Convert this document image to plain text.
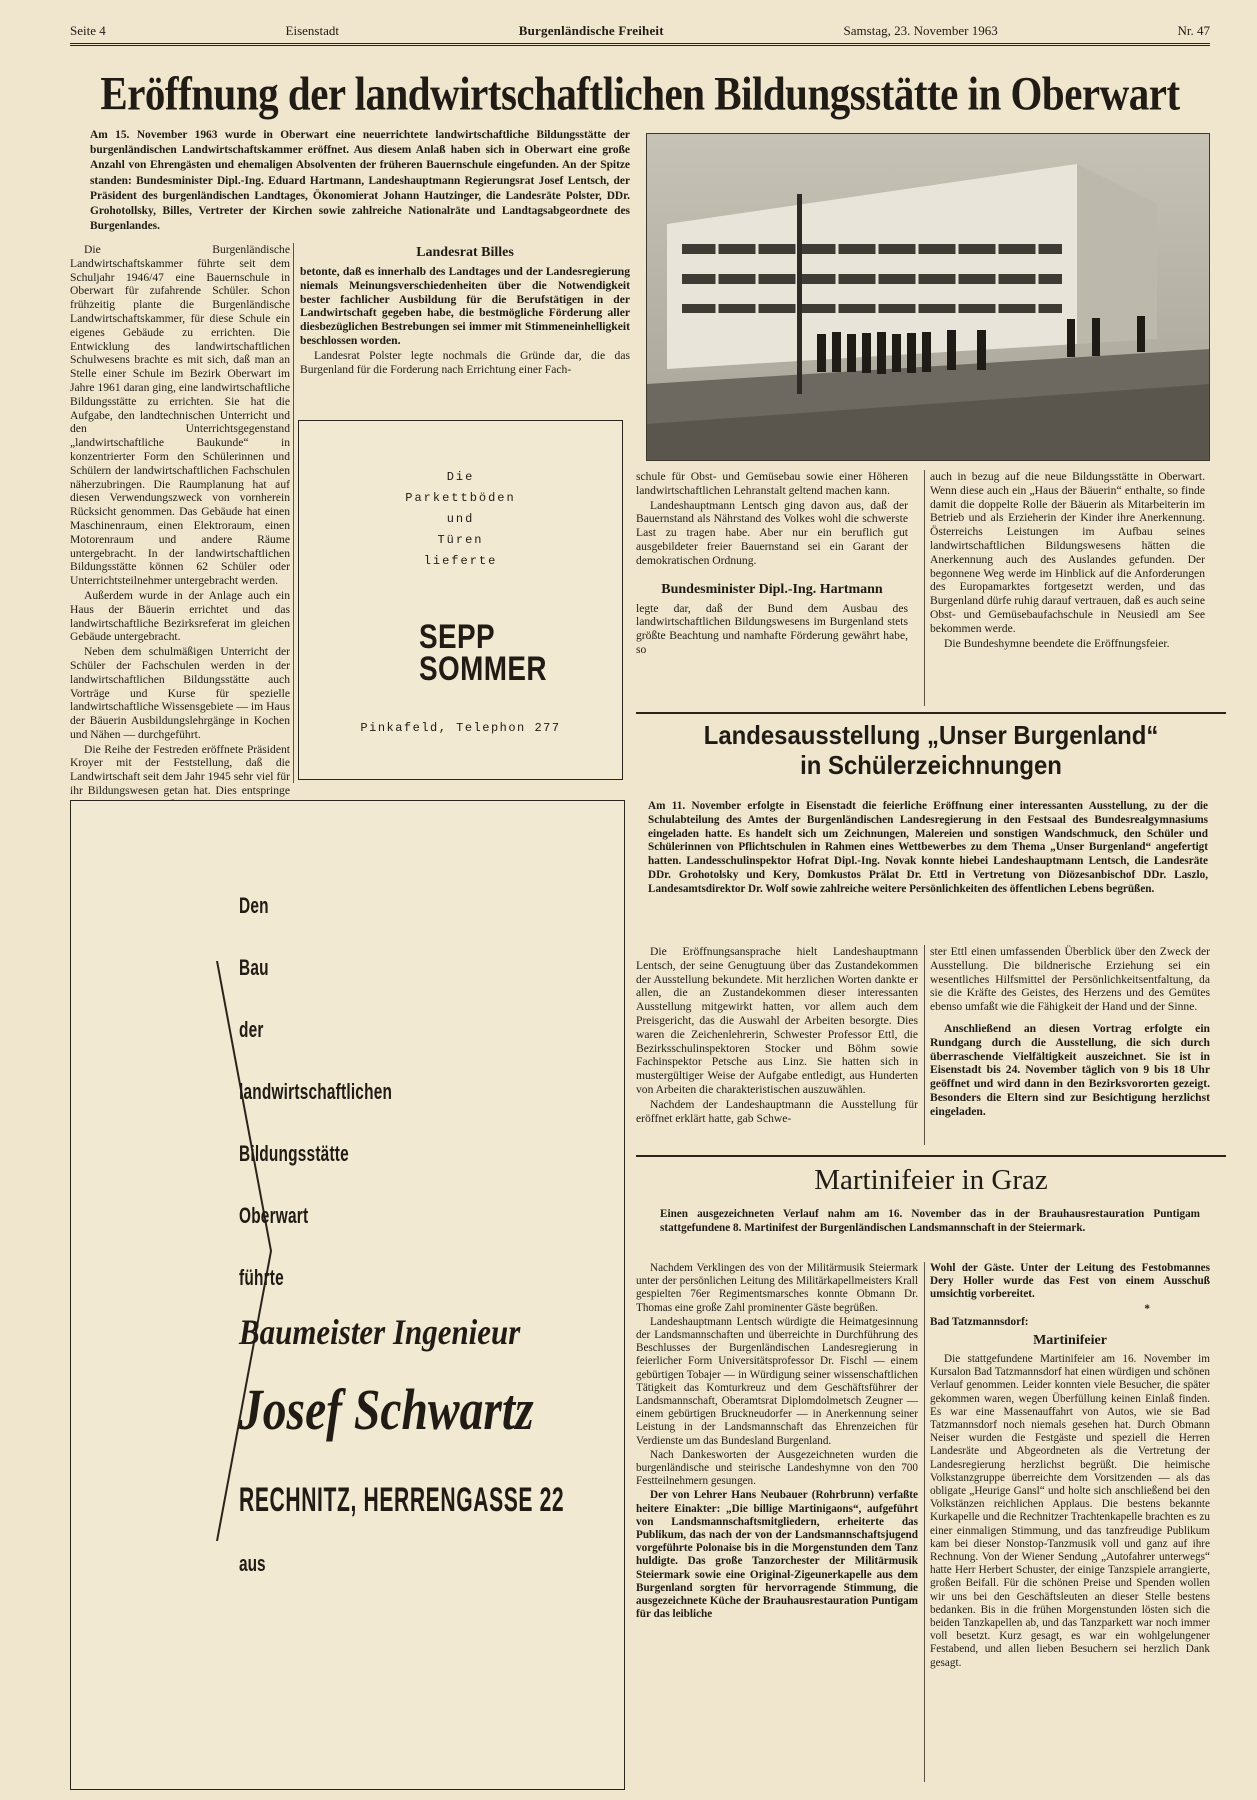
Seite 4	Eisenstadt	Burgenländische Freiheit	Samstag, 23. November 1963	Nr. 47
Eröffnung der landwirtschaftlichen Bildungsstätte in Oberwart

Am 15. November 1963 wurde in Oberwart eine neuerrichtete landwirtschaftliche Bildungsstätte der burgenländischen Landwirtschaftskammer eröffnet. Aus diesem Anlaß haben sich in Oberwart eine große Anzahl von Ehrengästen und ehemaligen Absolventen der früheren Bauernschule eingefunden. An der Spitze standen: Bundesminister Dipl.-Ing. Eduard Hartmann, Landeshauptmann Regierungsrat Josef Lentsch, der Präsident des burgenländischen Landtages, Ökonomierat Johann Hautzinger, die Landesräte Polster, DDr. Grohotollsky, Billes, Vertreter der Kirchen sowie zahlreiche Nationalräte und Landtagsabgeordnete des Burgenlandes.

Die Burgenländische Landwirtschaftskammer führte seit dem Schuljahr 1946/47 eine Bauernschule in Oberwart für zufahrende Schüler. Schon frühzeitig plante die Burgenländische Landwirtschaftskammer, für diese Schule ein eigenes Gebäude zu errichten. Die Entwicklung des landwirtschaftlichen Schulwesens brachte es mit sich, daß man an Stelle einer Schule im Bezirk Oberwart im Jahre 1961 daran ging, eine landwirtschaftliche Bildungsstätte zu errichten. Sie hat die Aufgabe, den landtechnischen Unterricht und den Unterrichtsgegenstand „landwirtschaftliche Baukunde“ in konzentrierter Form den Schülerinnen und Schülern der landwirtschaftlichen Fachschulen näherzubringen. Die Raumplanung hat auf diesen Verwendungszweck von vornherein Rücksicht genommen. Das Gebäude hat einen Maschinenraum, einen Elektroraum, einen Motorenraum und andere Räume untergebracht. In der landwirtschaftlichen Bildungsstätte können 62 Schüler oder Unterrichtsteilnehmer untergebracht werden.

Außerdem wurde in der Anlage auch ein Haus der Bäuerin errichtet und das landwirtschaftliche Bezirksreferat im gleichen Gebäude untergebracht.

Neben dem schulmäßigen Unterricht der Schüler der Fachschulen werden in der landwirtschaftlichen Bildungsstätte auch Vorträge und Kurse für spezielle landwirtschaftliche Wissensgebiete — im Haus der Bäuerin Ausbildungslehrgänge in Kochen und Nähen — durchgeführt.

Die Reihe der Festreden eröffnete Präsident Kroyer mit der Feststellung, daß die Landwirtschaft seit dem Jahr 1945 sehr viel für ihr Bildungswesen getan hat. Dies entspringe

Landesrat Billes

betonte, daß es innerhalb des Landtages und der Landesregierung niemals Meinungsverschiedenheiten über die Notwendigkeit bester fachlicher Ausbildung für die Berufstätigen in der Landwirtschaft gegeben habe, die bestmögliche Förderung aller diesbezüglichen Bestrebungen sei immer mit Stimmeneinhelligkeit beschlossen worden.

Landesrat Polster legte nochmals die Gründe dar, die das Burgenland für die Forderung nach Errichtung einer Fach-

Die
Parkettböden
und
Türen
lieferte
SEPP
SOMMER
Pinkafeld, Telephon 277

schule für Obst- und Gemüsebau sowie einer Höheren landwirtschaftlichen Lehranstalt geltend machen kann.

Landeshauptmann Lentsch ging davon aus, daß der Bauernstand als Nährstand des Volkes wohl die schwerste Last zu tragen habe. Aber nur ein beruflich gut ausgebildeter freier Bauernstand sei ein Garant der demokratischen Ordnung.

Bundesminister Dipl.-Ing. Hartmann

legte dar, daß der Bund dem Ausbau des landwirtschaftlichen Bildungswesens im Burgenland stets größte Beachtung und namhafte Förderung gewährt habe, so

auch in bezug auf die neue Bildungsstätte in Oberwart. Wenn diese auch ein „Haus der Bäuerin“ enthalte, so finde damit die doppelte Rolle der Bäuerin als Mitarbeiterin im Betrieb und als Erzieherin der Kinder ihre Anerkennung. Österreichs Leistungen im Aufbau seines landwirtschaftlichen Bildungswesens hätten die Anerkennung auch des Auslandes gefunden. Der begonnene Weg werde im Hinblick auf die Anforderungen des Europamarktes fortgesetzt werden, und das Burgenland dürfe ruhig darauf vertrauen, daß es auch seine Obst- und Gemüsebaufachschule in Neusiedl am See bekommen werde.

Die Bundeshymne beendete die Eröffnungsfeier.

Den
Bau
der
landwirtschaftlichen
Bildungsstätte
Oberwart
führte
Baumeister Ingenieur
Josef Schwartz
RECHNITZ, HERRENGASSE 22
aus
Landesausstellung „Unser Burgenland“
in Schülerzeichnungen

Am 11. November erfolgte in Eisenstadt die feierliche Eröffnung einer interessanten Ausstellung, zu der die Schulabteilung des Amtes der Burgenländischen Landesregierung in den Festsaal des Bundesrealgymnasiums eingeladen hatte. Es handelt sich um Zeichnungen, Malereien und sonstigen Wandschmuck, den Schüler und Schülerinnen von Pflichtschulen in Rahmen eines Wettbewerbes zu dem Thema „Unser Burgenland“ angefertigt hatten. Landesschulinspektor Hofrat Dipl.-Ing. Novak konnte hiebei Landeshauptmann Lentsch, die Landesräte DDr. Grohotolsky und Kery, Domkustos Prälat Dr. Ettl in Vertretung von Diözesanbischof DDr. Laszlo, Landesamtsdirektor Dr. Wolf sowie zahlreiche weitere Persönlichkeiten des öffentlichen Lebens begrüßen.

Die Eröffnungsansprache hielt Landeshauptmann Lentsch, der seine Genugtuung über das Zustandekommen der Ausstellung bekundete. Mit herzlichen Worten dankte er allen, die an Zustandekommen dieser interessanten Ausstellung mitgewirkt hatten, vor allem auch dem Preisgericht, das die Auswahl der Arbeiten besorgte. Dies waren die Zeichenlehrerin, Schwester Professor Ettl, die Bezirksschulinspektoren Stocker und Böhm sowie Fachinspektor Petsche aus Linz. Sie hatten sich in mustergültiger Weise der Aufgabe entledigt, aus Hunderten von Arbeiten die charakteristischen auszuwählen.

Nachdem der Landeshauptmann die Ausstellung für eröffnet erklärt hatte, gab Schwe-

ster Ettl einen umfassenden Überblick über den Zweck der Ausstellung. Die bildnerische Erziehung sei ein wesentliches Hilfsmittel der Persönlichkeitsentfaltung, da sie die Kräfte des Geistes, des Herzens und des Gemütes ebenso umfaßt wie die Fähigkeit der Hand und der Sinne.

Anschließend an diesen Vortrag erfolgte ein Rundgang durch die Ausstellung, die sich durch überraschende Vielfältigkeit auszeichnet. Sie ist in Eisenstadt bis 24. November täglich von 9 bis 18 Uhr geöffnet und wird dann in den Bezirksvororten gezeigt. Besonders die Eltern sind zur Besichtigung herzlichst eingeladen.

Martinifeier in Graz

Einen ausgezeichneten Verlauf nahm am 16. November das in der Brauhausrestauration Puntigam stattgefundene 8. Martinifest der Burgenländischen Landsmannschaft in der Steiermark.

Nachdem Verklingen des von der Militärmusik Steiermark unter der persönlichen Leitung des Militärkapellmeisters Krall gespielten 76er Regimentsmarsches konnte Obmann Dr. Thomas eine große Zahl prominenter Gäste begrüßen.

Landeshauptmann Lentsch würdigte die Heimatgesinnung der Landsmannschaften und überreichte in Durchführung des Beschlusses der Burgenländischen Landesregierung in feierlicher Form Universitätsprofessor Dr. Fischl — einem gebürtigen Tobajer — in Würdigung seiner wissenschaftlichen Tätigkeit das Komturkreuz und dem Geschäftsführer der Landsmannschaft, Oberamtsrat Diplomdolmetsch Zeugner — einem gebürtigen Bruckneudorfer — in Anerkennung seiner Leistung in der Landsmannschaft das Ehrenzeichen für Verdienste um das Bundesland Burgenland.

Nach Dankesworten der Ausgezeichneten wurden die burgenländische und steirische Landeshymne von den 700 Festteilnehmern gesungen.

Der von Lehrer Hans Neubauer (Rohrbrunn) verfaßte heitere Einakter: „Die billige Martinigaons“, aufgeführt von Landsmannschaftsmitgliedern, erheiterte das Publikum, das nach der von der Landsmannschaftsjugend vorgeführte Polonaise bis in die Morgenstunden dem Tanz huldigte. Das große Tanzorchester der Militärmusik Steiermark sowie eine Original-Zigeunerkapelle aus dem Burgenland sorgten für hervorragende Stimmung, die ausgezeichnete Küche der Brauhausrestauration Puntigam für das leibliche

Wohl der Gäste. Unter der Leitung des Festobmannes Dery Holler wurde das Fest von einem Ausschuß umsichtig vorbereitet.

*
Bad Tatzmannsdorf:
Martinifeier

Die stattgefundene Martinifeier am 16. November im Kursalon Bad Tatzmannsdorf hat einen würdigen und schönen Verlauf genommen. Leider konnten viele Besucher, die später gekommen waren, wegen Überfüllung keinen Einlaß finden. Es war eine Massenauffahrt von Autos, wie sie Bad Tatzmannsdorf noch niemals gesehen hat. Durch Obmann Neiser wurden die Festgäste und speziell die Herren Landesräte und Abgeordneten als die Vertretung der Landesregierung herzlichst begrüßt. Die heimische Volkstanzgruppe überreichte dem Vorsitzenden — als das obligate „Heurige Gansl“ und holte sich anschließend bei den Volkstänzen reichlichen Applaus. Die bestens bekannte Kurkapelle und die Rechnitzer Trachtenkapelle brachten es zu einer einmaligen Stimmung, und das tanzfreudige Publikum kam bei dieser Nonstop-Tanzmusik voll und ganz auf ihre Rechnung. Von der Wiener Sendung „Autofahrer unterwegs“ hatte Herr Herbert Schuster, der einige Tanzspiele arrangierte, großen Beifall. Für die schönen Preise und Spenden wollen wir uns bei den Geschäftsleuten an dieser Stelle bestens bedanken. Bis in die frühen Morgenstunden lösten sich die beiden Tanzkapellen ab, und das Tanzparkett war noch immer voll besetzt. Kurz gesagt, es war ein wohlgelungener Festabend, und allen lieben Besuchern sei herzlich Dank gesagt.
